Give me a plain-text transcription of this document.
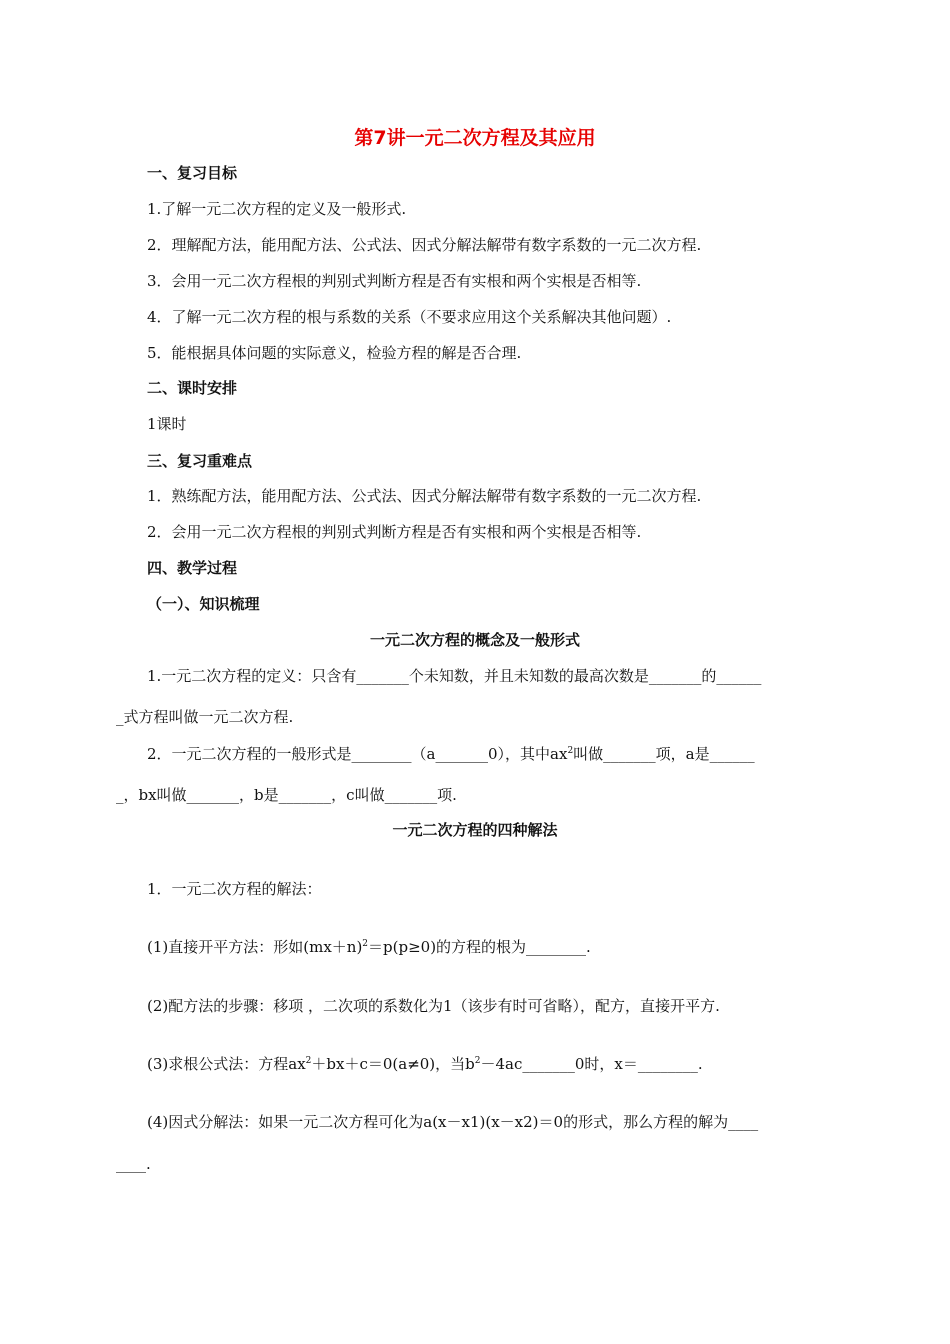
第7讲一元二次方程及其应用
一、复习目标
1.了解一元二次方程的定义及一般形式.
2．理解配方法，能用配方法、公式法、因式分解法解带有数字系数的一元二次方程.
3．会用一元二次方程根的判别式判断方程是否有实根和两个实根是否相等.
4．了解一元二次方程的根与系数的关系（不要求应用这个关系解决其他问题）.
5．能根据具体问题的实际意义，检验方程的解是否合理.
二、课时安排
1课时
三、复习重难点
1．熟练配方法，能用配方法、公式法、因式分解法解带有数字系数的一元二次方程.
2．会用一元二次方程根的判别式判断方程是否有实根和两个实根是否相等.
四、教学过程
（一）、知识梳理
一元二次方程的概念及一般形式
1.一元二次方程的定义：只含有_______个未知数，并且未知数的最高次数是_______的______
_式方程叫做一元二次方程.
2．一元二次方程的一般形式是________（a_______0），其中$ax^2$叫做_______项，a是______
_，bx叫做_______，b是_______，c叫做_______项.
一元二次方程的四种解法
1．一元二次方程的解法：
(1)直接开平方法：形如$(mx+n)^2=p(p\ge 0)$的方程的根为________.
(2)配方法的步骤：移项 ，二次项的系数化为1（该步有时可省略），配方，直接开平方.
(3)求根公式法：方程$ax^2+bx+c=0(a\ne 0)$，当$b^2-4ac\_\_\_\_\_\_\_0$时，x＝________.
(4)因式分解法：如果一元二次方程可化为a(x－x1)(x－x2)＝0的形式，那么方程的解为____
____.
